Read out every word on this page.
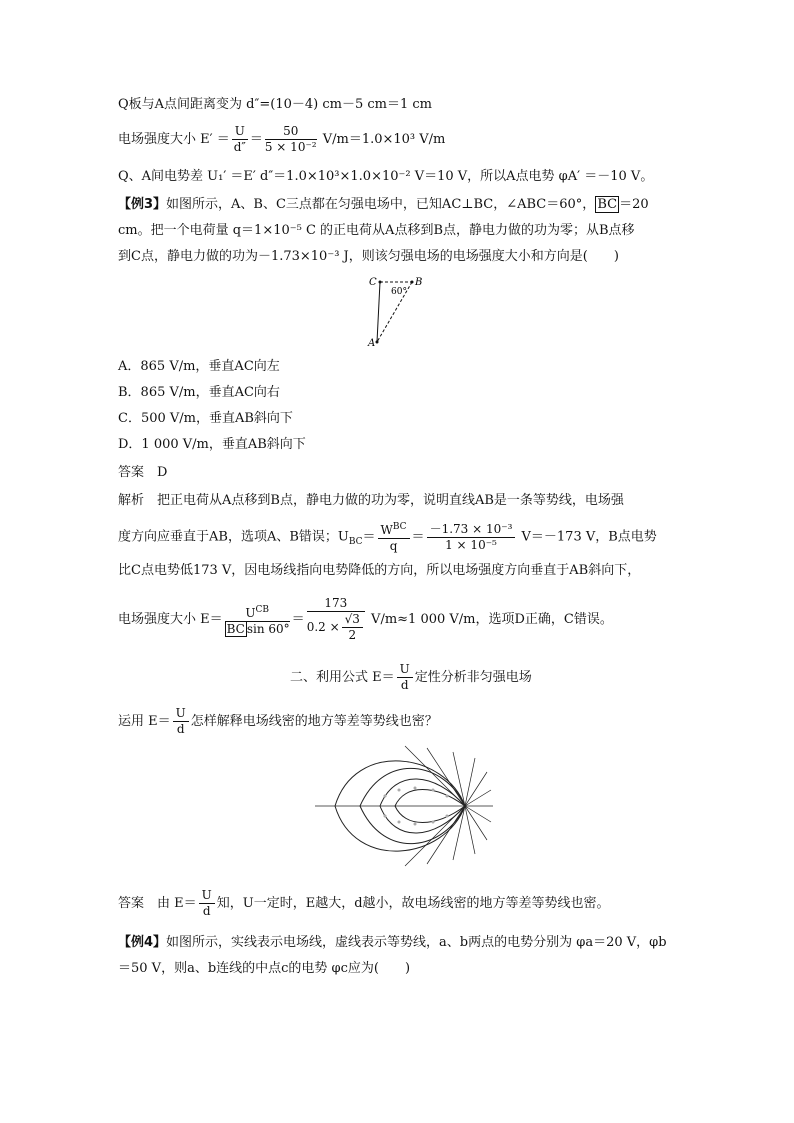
Q板与A点间距离变为 d″=(10－4) cm－5 cm＝1 cm
电场强度大小 $E' = \frac{U}{d''} = \frac{50}{\text{5 × 10⁻²}} V/m=1.0\times 10^3$ V/m
Q、A间电势差 U₁′ ＝E′ d″＝1.0×10³×1.0×10⁻² V＝10 V，所以A点电势 φA′ ＝－10 V。
【例3】如图所示，A、B、C三点都在匀强电场中，已知AC⊥BC，∠ABC＝60°， BC ＝20
cm。把一个电荷量 q＝1×10⁻⁵ C 的正电荷从A点移到B点，静电力做的功为零；从B点移
到C点，静电力做的功为－1.73×10⁻³ J，则该匀强电场的电场强度大小和方向是(　　)
C	B
A
60°
A．865 V/m，垂直AC向左
B．865 V/m，垂直AC向右
C．500 V/m，垂直AB斜向下
D．1 000 V/m，垂直AB斜向下
答案　D
解析　把正电荷从A点移到B点，静电力做的功为零，说明直线AB是一条等势线，电场强
度方向应垂直于AB，选项A、B错误；$U_{BC}= \frac{W^{BC}}{q} = \frac{\text{－1.73 × 10⁻³}}{\text{1 × 10⁻⁵}} V=-173$ V，B点电势
比C点电势低173 V，因电场线指向电势降低的方向，所以电场强度方向垂直于AB斜向下，
电场强度大小 $E= \frac{U^{CB}}{\text{BC sin 60°}} = \frac{173}{0.2 \times \frac{√3}{2}} V/m\approx 1$ 000 V/m，选项D正确，C错误。
二、利用公式 $E= \frac{U}{d}$ 定性分析非匀强电场
运用 $E= \frac{U}{d}$ 怎样解释电场线密的地方等差等势线也密？
答案　由 $E= \frac{U}{d}$ 知，U一定时，E越大，d越小，故电场线密的地方等差等势线也密。
【例4】如图所示，实线表示电场线，虚线表示等势线，a、b两点的电势分别为 φa＝20 V，φb
＝50 V，则a、b连线的中点c的电势 φc应为(　　)
